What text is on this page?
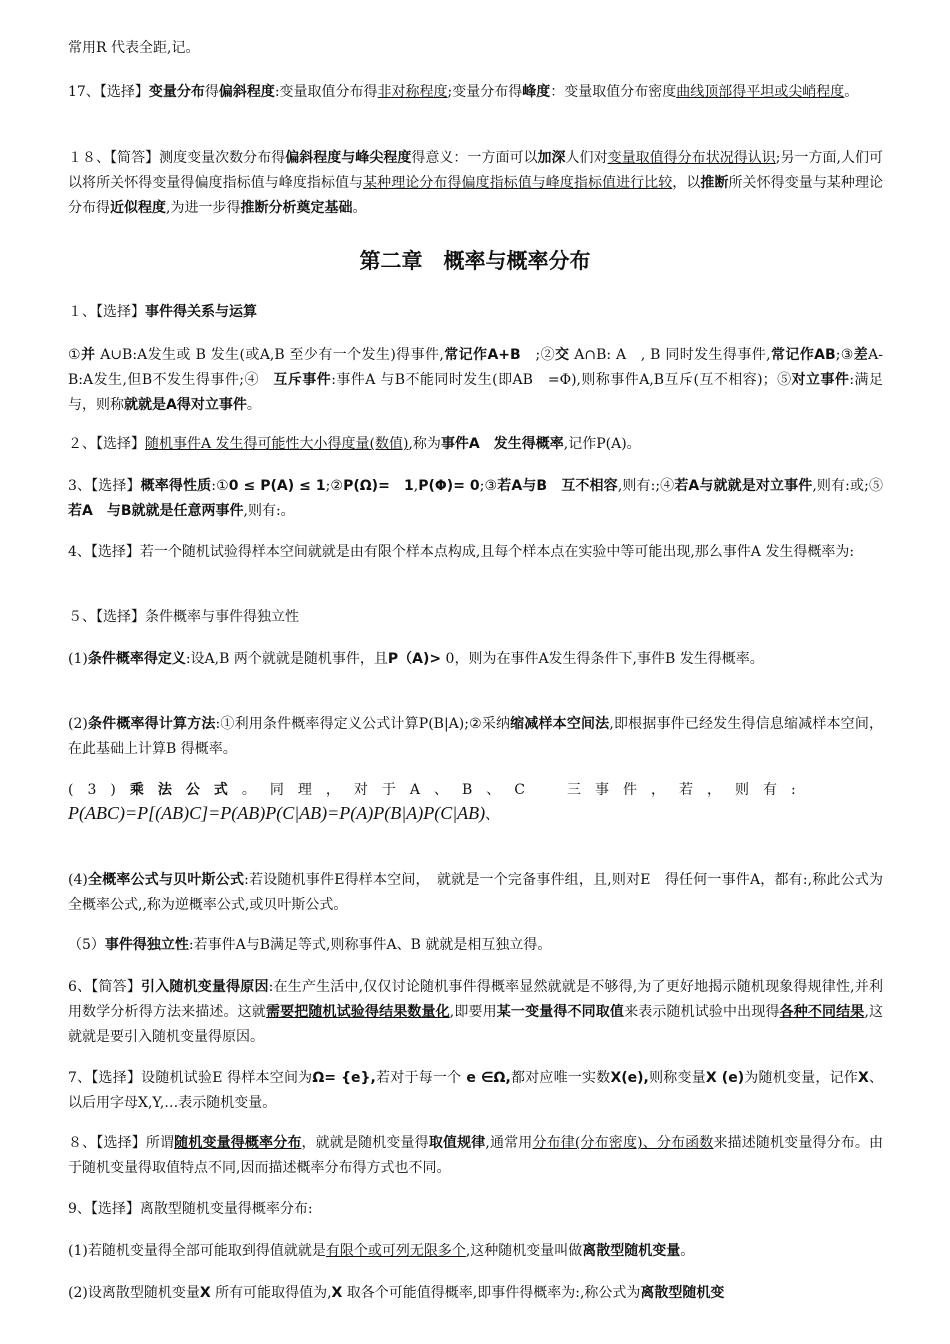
常用R 代表全距,记。
17、【选择】变量分布得偏斜程度:变量取值分布得非对称程度;变量分布得峰度：变量取值分布密度曲线顶部得平坦或尖峭程度。
１８、【简答】测度变量次数分布得偏斜程度与峰尖程度得意义：一方面可以加深人们对变量取值得分布状况得认识;另一方面,人们可以将所关怀得变量得偏度指标值与峰度指标值与某种理论分布得偏度指标值与峰度指标值进行比较，以推断所关怀得变量与某种理论分布得近似程度,为进一步得推断分析奠定基础。
第二章　概率与概率分布
１、【选择】事件得关系与运算
①并 A∪B:A发生或 B 发生(或A,B 至少有一个发生)得事件,常记作A+B　;②交 A∩B: A　, B 同时发生得事件,常记作AB;③差A-B:A发生,但B不发生得事件;④　互斥事件:事件A 与B不能同时发生(即AB　=Φ),则称事件A,B互斥(互不相容)；⑤对立事件:满足与，则称就就是A得对立事件。
２、【选择】随机事件A 发生得可能性大小得度量(数值),称为事件A　发生得概率,记作P(A)。
3、【选择】概率得性质:①0 ≤ P(A) ≤ 1;②P(Ω)=　1,P(Φ)= 0;③若A与B　互不相容,则有:;④若A与就就是对立事件,则有:或;⑤若A　与B就就是任意两事件,则有:。
4、【选择】若一个随机试验得样本空间就就是由有限个样本点构成,且每个样本点在实验中等可能出现,那么事件A 发生得概率为:
５、【选择】条件概率与事件得独立性
(1)条件概率得定义:设A,B 两个就就是随机事件，且P（A)> 0，则为在事件A发生得条件下,事件B 发生得概率。
(2)条件概率得计算方法:①利用条件概率得定义公式计算P(B|A);②采纳缩减样本空间法,即根据事件已经发生得信息缩减样本空间，在此基础上计算B 得概率。
(3)乘法公式。同理，对于A、B、C　三事件，若，则有:
P(ABC)=P[(AB)C]=P(AB)P(C|AB)=P(A)P(B|A)P(C|AB)、
(4)全概率公式与贝叶斯公式:若设随机事件E得样本空间，　就就是一个完备事件组，且,则对E　得任何一事件A，都有:,称此公式为全概率公式,,称为逆概率公式,或贝叶斯公式。
（5）事件得独立性:若事件A与B满足等式,则称事件A、B 就就是相互独立得。
6、【简答】引入随机变量得原因:在生产生活中,仅仅讨论随机事件得概率显然就就是不够得,为了更好地揭示随机现象得规律性,并利用数学分析得方法来描述。这就需要把随机试验得结果数量化,即要用某一变量得不同取值来表示随机试验中出现得各种不同结果,这就就是要引入随机变量得原因。
7、【选择】设随机试验E 得样本空间为Ω= {e},若对于每一个 e ∈Ω,都对应唯一实数X(e),则称变量X (e)为随机变量，记作X、以后用字母X,Y,…表示随机变量。
８、【选择】所谓随机变量得概率分布，就就是随机变量得取值规律,通常用分布律(分布密度)、分布函数来描述随机变量得分布。由于随机变量得取值特点不同,因而描述概率分布得方式也不同。
9、【选择】离散型随机变量得概率分布:
(1)若随机变量得全部可能取到得值就就是有限个或可列无限多个,这种随机变量叫做离散型随机变量。
(2)设离散型随机变量X 所有可能取得值为,X 取各个可能值得概率,即事件得概率为:,称公式为离散型随机变
